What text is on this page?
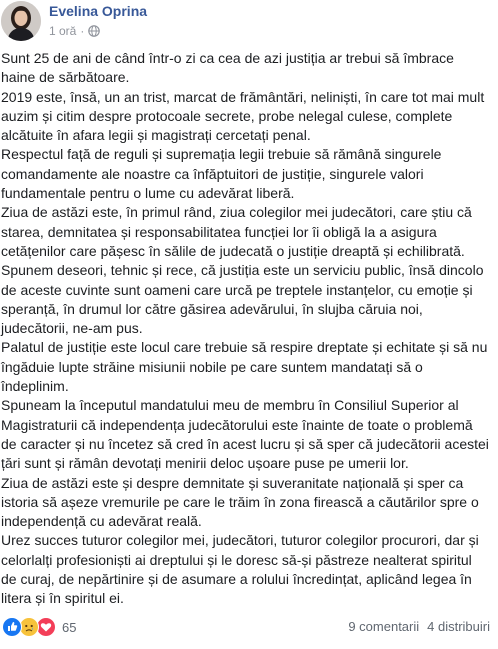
Evelina Oprina
1 oră ·

Sunt 25 de ani de când într-o zi ca cea de azi justiția ar trebui să îmbrace haine de sărbătoare.

2019 este, însă, un an trist, marcat de frământări, neliniști, în care tot mai mult auzim și citim despre protocoale secrete, probe nelegal culese, complete alcătuite în afara legii și magistrați cercetați penal.

Respectul față de reguli și supremația legii trebuie să rămână singurele comandamente ale noastre ca înfăptuitori de justiție, singurele valori fundamentale pentru o lume cu adevărat liberă.

Ziua de astăzi este, în primul rând, ziua colegilor mei judecători, care știu că starea, demnitatea și responsabilitatea funcției lor îi obligă la a asigura cetățenilor care pășesc în sălile de judecată o justiție dreaptă și echilibrată.

Spunem deseori, tehnic și rece, că justiția este un serviciu public, însă dincolo de aceste cuvinte sunt oameni care urcă pe treptele instanțelor, cu emoție și speranță, în drumul lor către găsirea adevărului, în slujba căruia noi, judecătorii, ne-am pus.

Palatul de justiție este locul care trebuie să respire dreptate și echitate și să nu îngăduie lupte străine misiunii nobile pe care suntem mandatați să o îndeplinim.

Spuneam la începutul mandatului meu de membru în Consiliul Superior al Magistraturii că independența judecătorului este înainte de toate o problemă de caracter și nu încetez să cred în acest lucru și să sper că judecătorii acestei țări sunt și rămân devotați menirii deloc ușoare puse pe umerii lor.

Ziua de astăzi este și despre demnitate și suveranitate națională și sper ca istoria să așeze vremurile pe care le trăim în zona firească a căutărilor spre o independență cu adevărat reală.

Urez succes tuturor colegilor mei, judecători, tuturor colegilor procurori, dar și celorlalți profesioniști ai dreptului și le doresc să-și păstreze nealterat spiritul de curaj, de nepărtinire și de asumare a rolului încredințat, aplicând legea în litera și în spiritul ei.

65	9 comentarii 4 distribuiri
